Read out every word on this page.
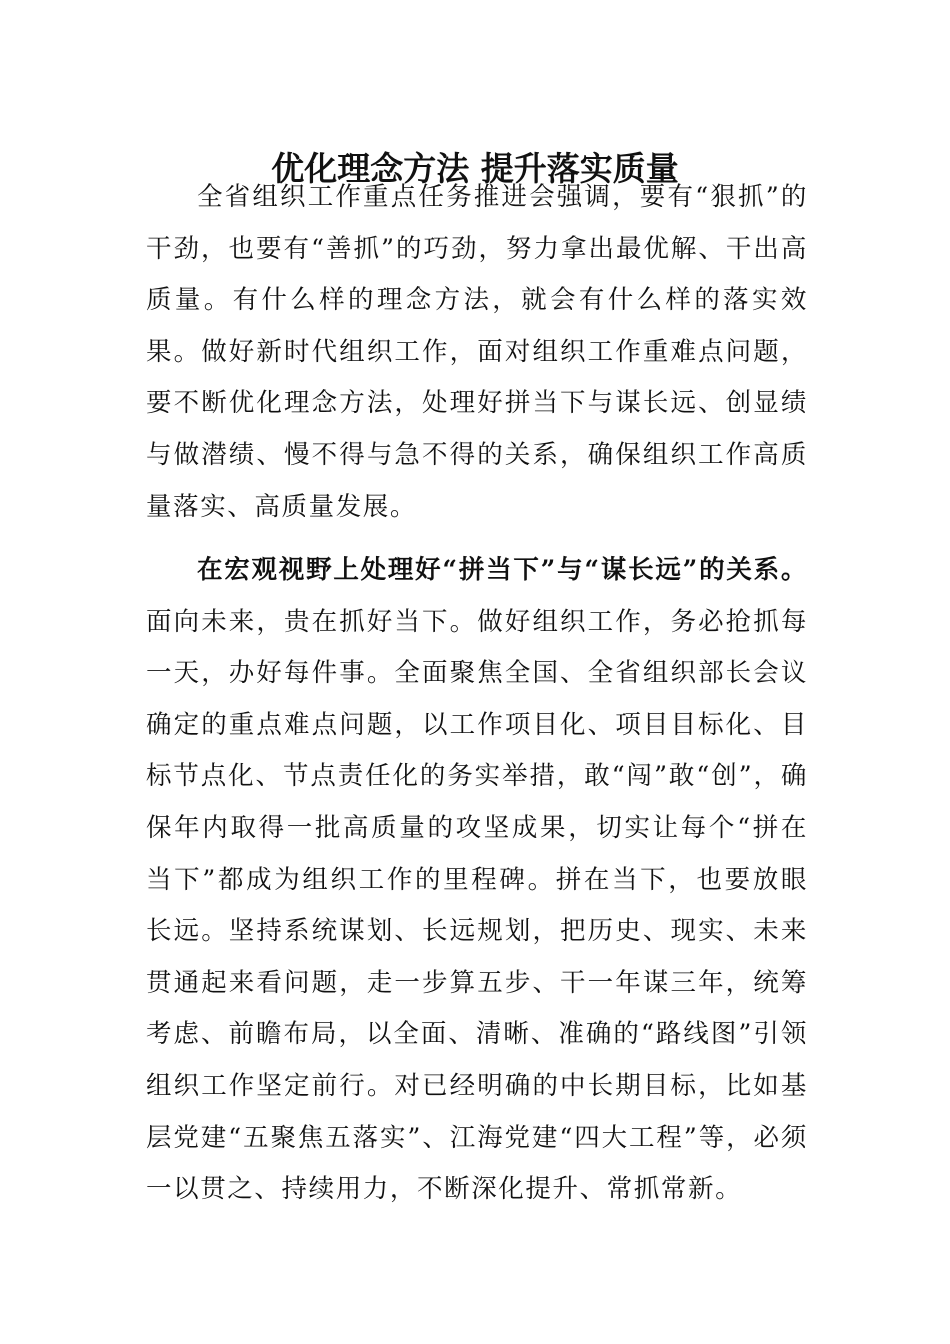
优化理念方法 提升落实质量

全省组织工作重点任务推进会强调，要有“狠抓”的干劲，也要有“善抓”的巧劲，努力拿出最优解、干出高质量。有什么样的理念方法，就会有什么样的落实效果。做好新时代组织工作，面对组织工作重难点问题，要不断优化理念方法，处理好拼当下与谋长远、创显绩与做潜绩、慢不得与急不得的关系，确保组织工作高质量落实、高质量发展。

在宏观视野上处理好“拼当下”与“谋长远”的关系。面向未来，贵在抓好当下。做好组织工作，务必抢抓每一天，办好每件事。全面聚焦全国、全省组织部长会议确定的重点难点问题，以工作项目化、项目目标化、目标节点化、节点责任化的务实举措，敢“闯”敢“创”，确保年内取得一批高质量的攻坚成果，切实让每个“拼在当下”都成为组织工作的里程碑。拼在当下，也要放眼长远。坚持系统谋划、长远规划，把历史、现实、未来贯通起来看问题，走一步算五步、干一年谋三年，统筹考虑、前瞻布局，以全面、清晰、准确的“路线图”引领组织工作坚定前行。对已经明确的中长期目标，比如基层党建“五聚焦五落实”、江海党建“四大工程”等，必须一以贯之、持续用力，不断深化提升、常抓常新。
